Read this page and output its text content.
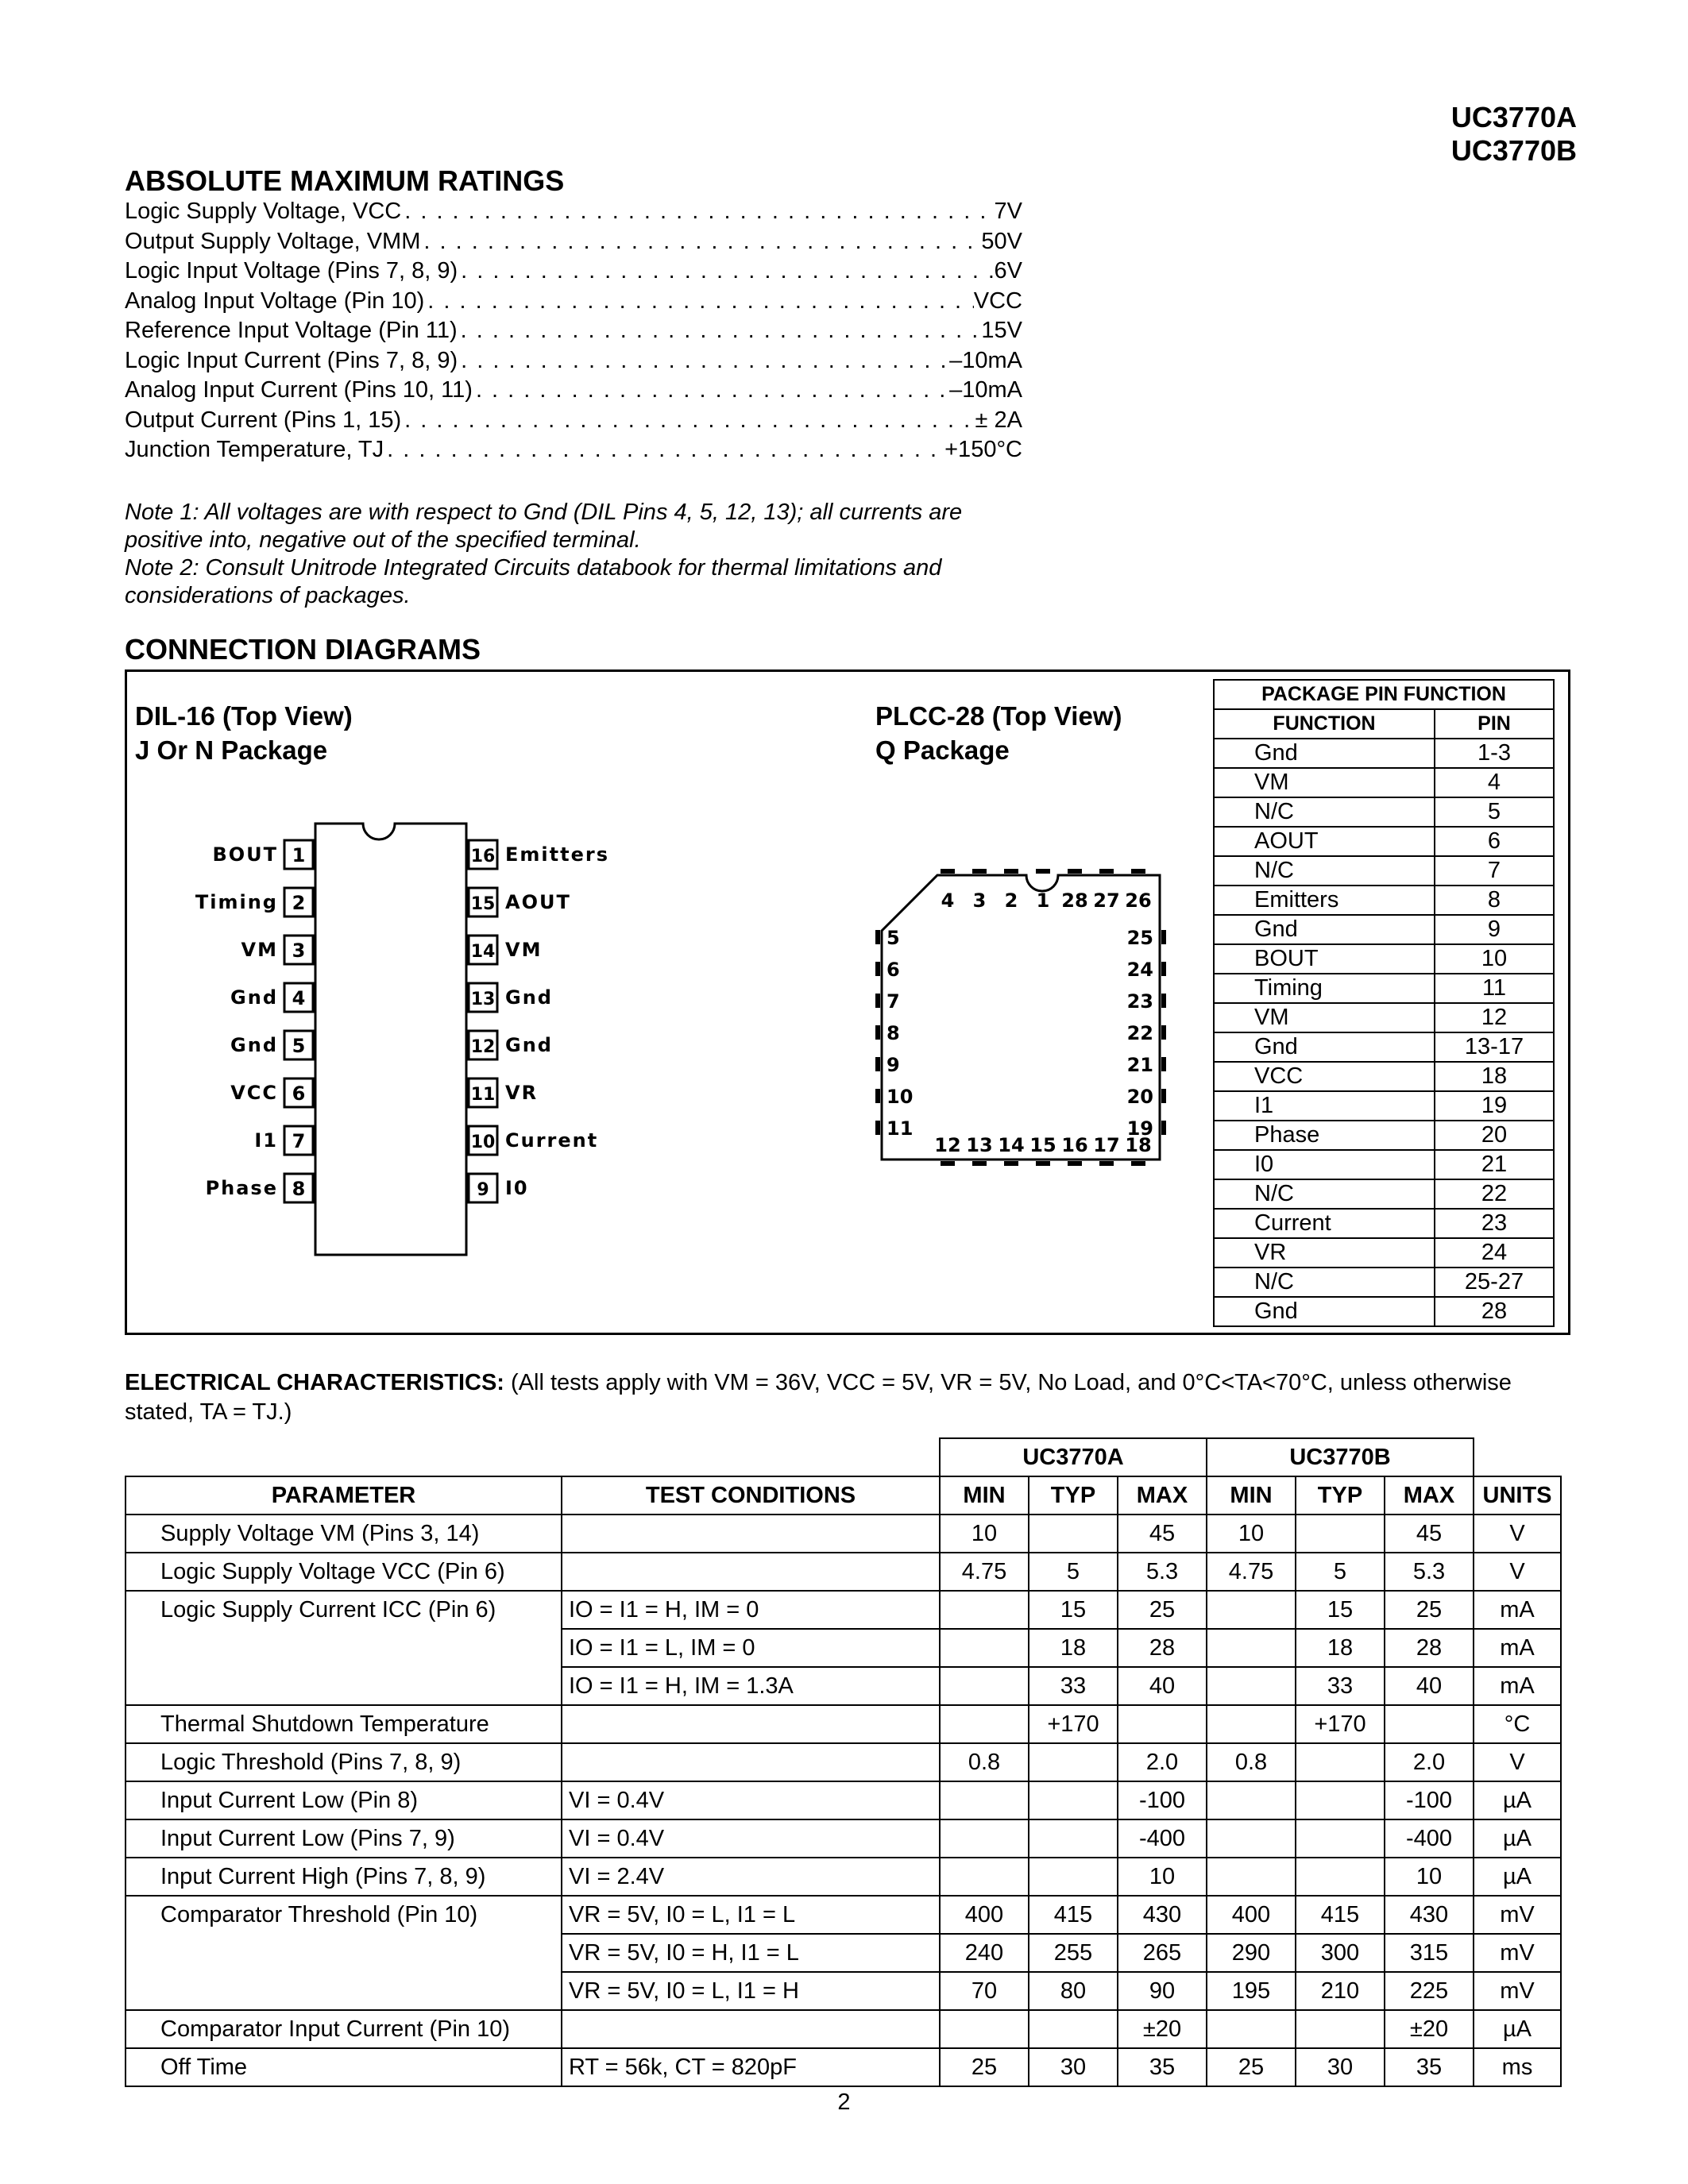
UC3770A
UC3770B
ABSOLUTE MAXIMUM RATINGS
Logic Supply Voltage, VCC . . .	7V
Output Supply Voltage, VMM . . .	50V
Logic Input Voltage (Pins 7, 8, 9) . . .	6V
Analog Input Voltage (Pin 10) . . .	VCC
Reference Input Voltage (Pin 11) . . .	15V
Logic Input Current (Pins 7, 8, 9) . . .	–10mA
Analog Input Current (Pins 10, 11) . . .	–10mA
Output Current (Pins 1, 15) . . .	± 2A
Junction Temperature, TJ . . .	+150°C
Note 1: All voltages are with respect to Gnd (DIL Pins 4, 5, 12, 13); all currents are positive into, negative out of the specified terminal.
Note 2: Consult Unitrode Integrated Circuits databook for thermal limitations and considerations of packages.
CONNECTION DIAGRAMS
DIL-16 (Top View)
J Or N Package
BOUT 1
Timing 2
VM 3
Gnd 4
Gnd 5
VCC 6
I1 7
Phase 8
16 Emitters
15 AOUT
14 VM
13 Gnd
12 Gnd
11 VR
10 Current
9 I0
PLCC-28 (Top View)
Q Package
4 3 2 1 28 27 26
12 13 14 15 16 17 18
5
6
7
8
9
10
11
25
24
23
22
21
20
19
PACKAGE PIN FUNCTION	
FUNCTION	PIN
Gnd	1-3
VM	4
N/C	5
AOUT	6
N/C	7
Emitters	8
Gnd	9
BOUT	10
Timing	11
VM	12
Gnd	13-17
VCC	18
I1	19
Phase	20
I0	21
N/C	22
Current	23
VR	24
N/C	25-27
Gnd	28
ELECTRICAL CHARACTERISTICS: (All tests apply with VM = 36V, VCC = 5V, VR = 5V, No Load, and 0°C<TA<70°C, unless otherwise stated, TA = TJ.)
		UC3770A			UC3770B			
PARAMETER	TEST CONDITIONS	MIN	TYP	MAX	MIN	TYP	MAX	UNITS
Supply Voltage VM (Pins 3, 14)		10		45	10		45	V
Logic Supply Voltage VCC (Pin 6)		4.75	5	5.3	4.75	5	5.3	V
Logic Supply Current ICC (Pin 6)	IO = I1 = H, IM = 0		15	25		15	25	mA
	IO = I1 = L, IM = 0		18	28		18	28	mA
	IO = I1 = H, IM = 1.3A		33	40		33	40	mA
Thermal Shutdown Temperature			+170			+170		°C
Logic Threshold (Pins 7, 8, 9)		0.8		2.0	0.8		2.0	V
Input Current Low (Pin 8)	VI = 0.4V			-100			-100	µA
Input Current Low (Pins 7, 9)	VI = 0.4V			-400			-400	µA
Input Current High (Pins 7, 8, 9)	VI = 2.4V			10			10	µA
Comparator Threshold (Pin 10)	VR = 5V, I0 = L, I1 = L	400	415	430	400	415	430	mV
	VR = 5V, I0 = H, I1 = L	240	255	265	290	300	315	mV
	VR = 5V, I0 = L, I1 = H	70	80	90	195	210	225	mV
Comparator Input Current (Pin 10)				±20			±20	µA
Off Time	RT = 56k, CT = 820pF	25	30	35	25	30	35	ms
2
